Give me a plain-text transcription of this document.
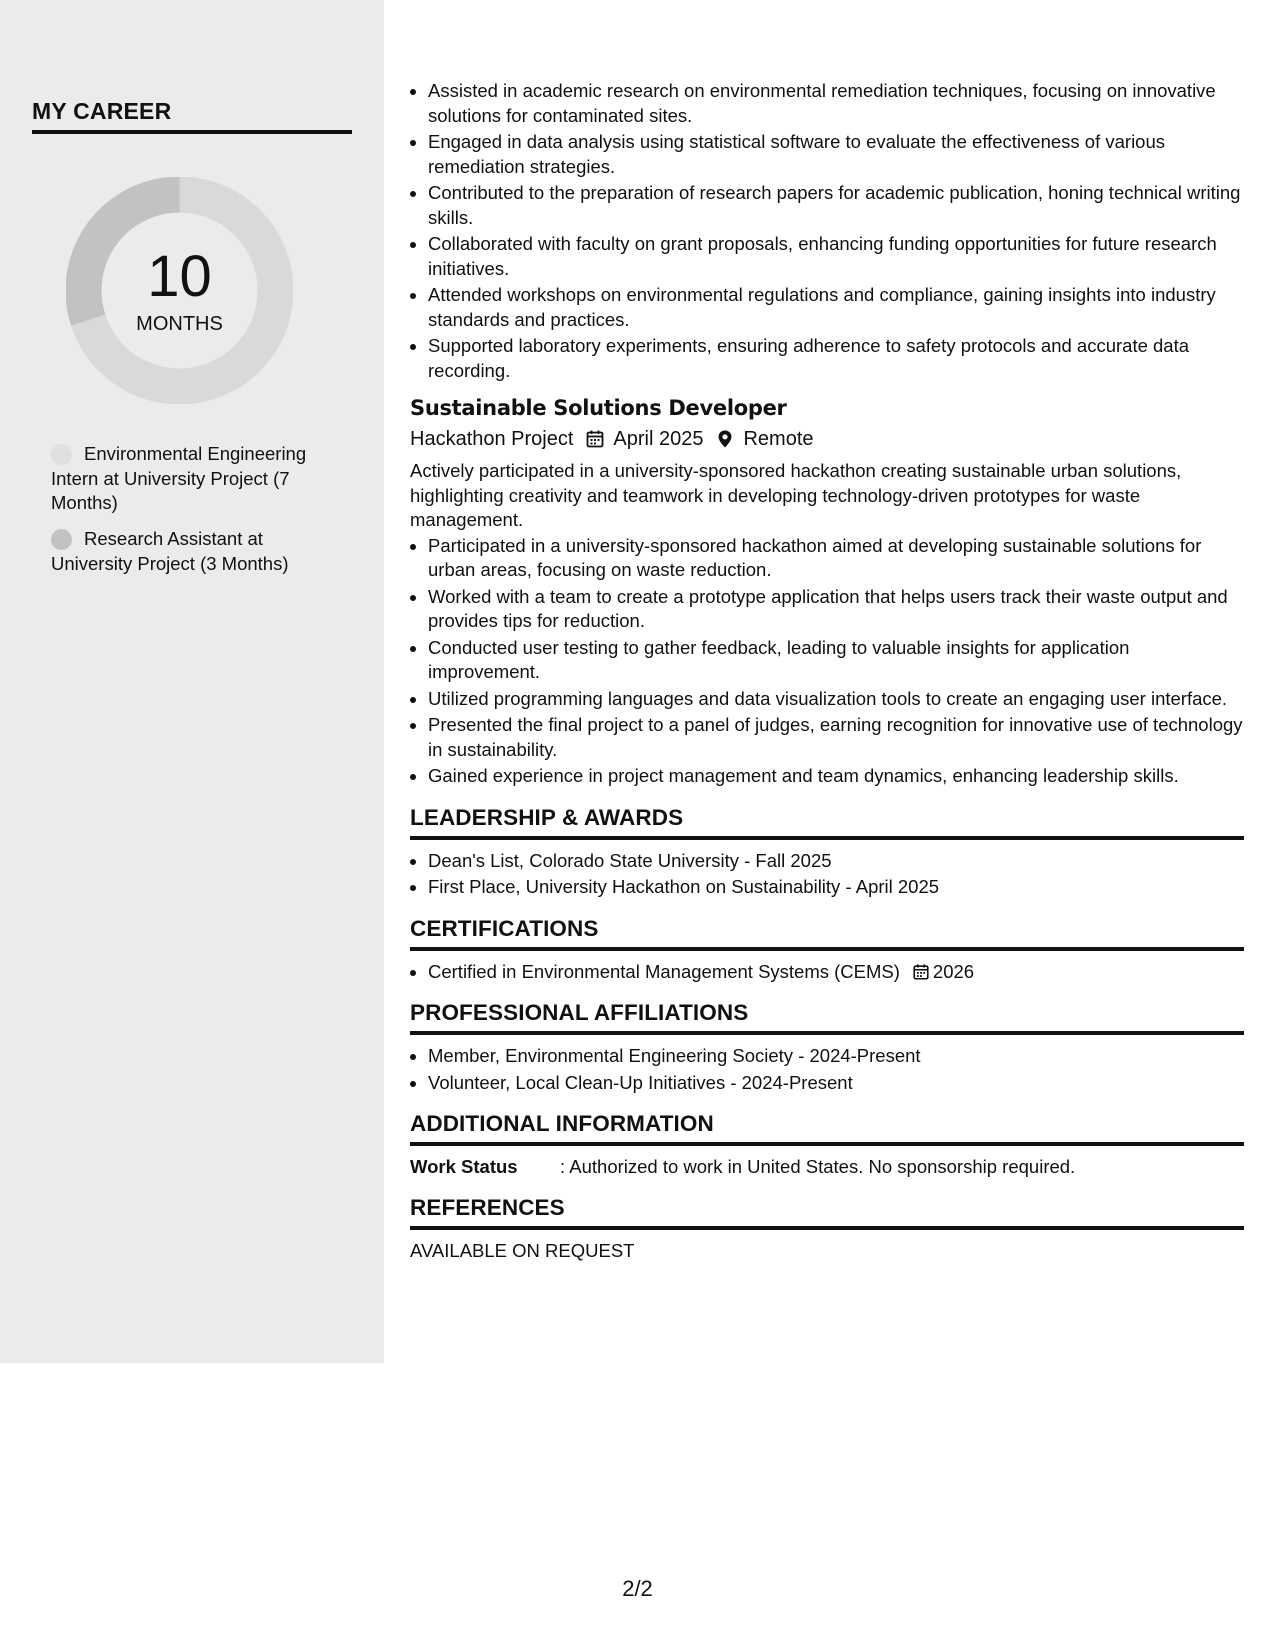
MY CAREER
10
MONTHS
Environmental Engineering Intern at University Project (7 Months)
Research Assistant at University Project (3 Months)
• Assisted in academic research on environmental remediation techniques, focusing on innovative solutions for contaminated sites.
• Engaged in data analysis using statistical software to evaluate the effectiveness of various remediation strategies.
• Contributed to the preparation of research papers for academic publication, honing technical writing skills.
• Collaborated with faculty on grant proposals, enhancing funding opportunities for future research initiatives.
• Attended workshops on environmental regulations and compliance, gaining insights into industry standards and practices.
• Supported laboratory experiments, ensuring adherence to safety protocols and accurate data recording.
Sustainable Solutions Developer
Hackathon Project April 2025 Remote
Actively participated in a university-sponsored hackathon creating sustainable urban solutions, highlighting creativity and teamwork in developing technology-driven prototypes for waste management.
• Participated in a university-sponsored hackathon aimed at developing sustainable solutions for urban areas, focusing on waste reduction.
• Worked with a team to create a prototype application that helps users track their waste output and provides tips for reduction.
• Conducted user testing to gather feedback, leading to valuable insights for application improvement.
• Utilized programming languages and data visualization tools to create an engaging user interface.
• Presented the final project to a panel of judges, earning recognition for innovative use of technology in sustainability.
• Gained experience in project management and team dynamics, enhancing leadership skills.
LEADERSHIP & AWARDS
• Dean's List, Colorado State University - Fall 2025
• First Place, University Hackathon on Sustainability - April 2025
CERTIFICATIONS
• Certified in Environmental Management Systems (CEMS) 2026
PROFESSIONAL AFFILIATIONS
• Member, Environmental Engineering Society - 2024-Present
• Volunteer, Local Clean-Up Initiatives - 2024-Present
ADDITIONAL INFORMATION
Work Status	: Authorized to work in United States. No sponsorship required.
REFERENCES
AVAILABLE ON REQUEST
2/2
